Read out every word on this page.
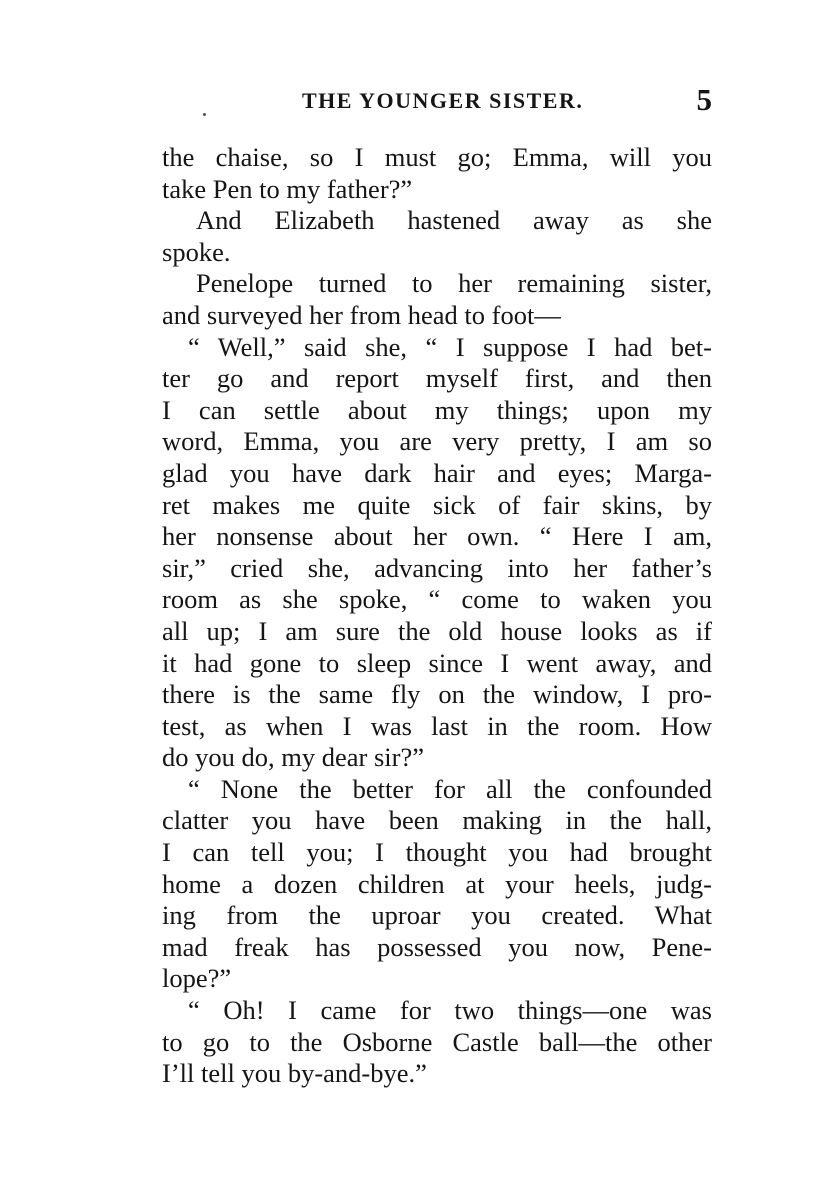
THE YOUNGER SISTER.	5
the chaise, so I must go; Emma, will you
take Pen to my father?”
And Elizabeth hastened away as she
spoke.
Penelope turned to her remaining sister,
and surveyed her from head to foot—
“ Well,” said she, “ I suppose I had bet-
ter go and report myself first, and then
I can settle about my things; upon my
word, Emma, you are very pretty, I am so
glad you have dark hair and eyes; Marga-
ret makes me quite sick of fair skins, by
her nonsense about her own. “ Here I am,
sir,” cried she, advancing into her father’s
room as she spoke, “ come to waken you
all up; I am sure the old house looks as if
it had gone to sleep since I went away, and
there is the same fly on the window, I pro-
test, as when I was last in the room. How
do you do, my dear sir?”
“ None the better for all the confounded
clatter you have been making in the hall,
I can tell you; I thought you had brought
home a dozen children at your heels, judg-
ing from the uproar you created. What
mad freak has possessed you now, Pene-
lope?”
“ Oh! I came for two things—one was
to go to the Osborne Castle ball—the other
I’ll tell you by-and-bye.”
